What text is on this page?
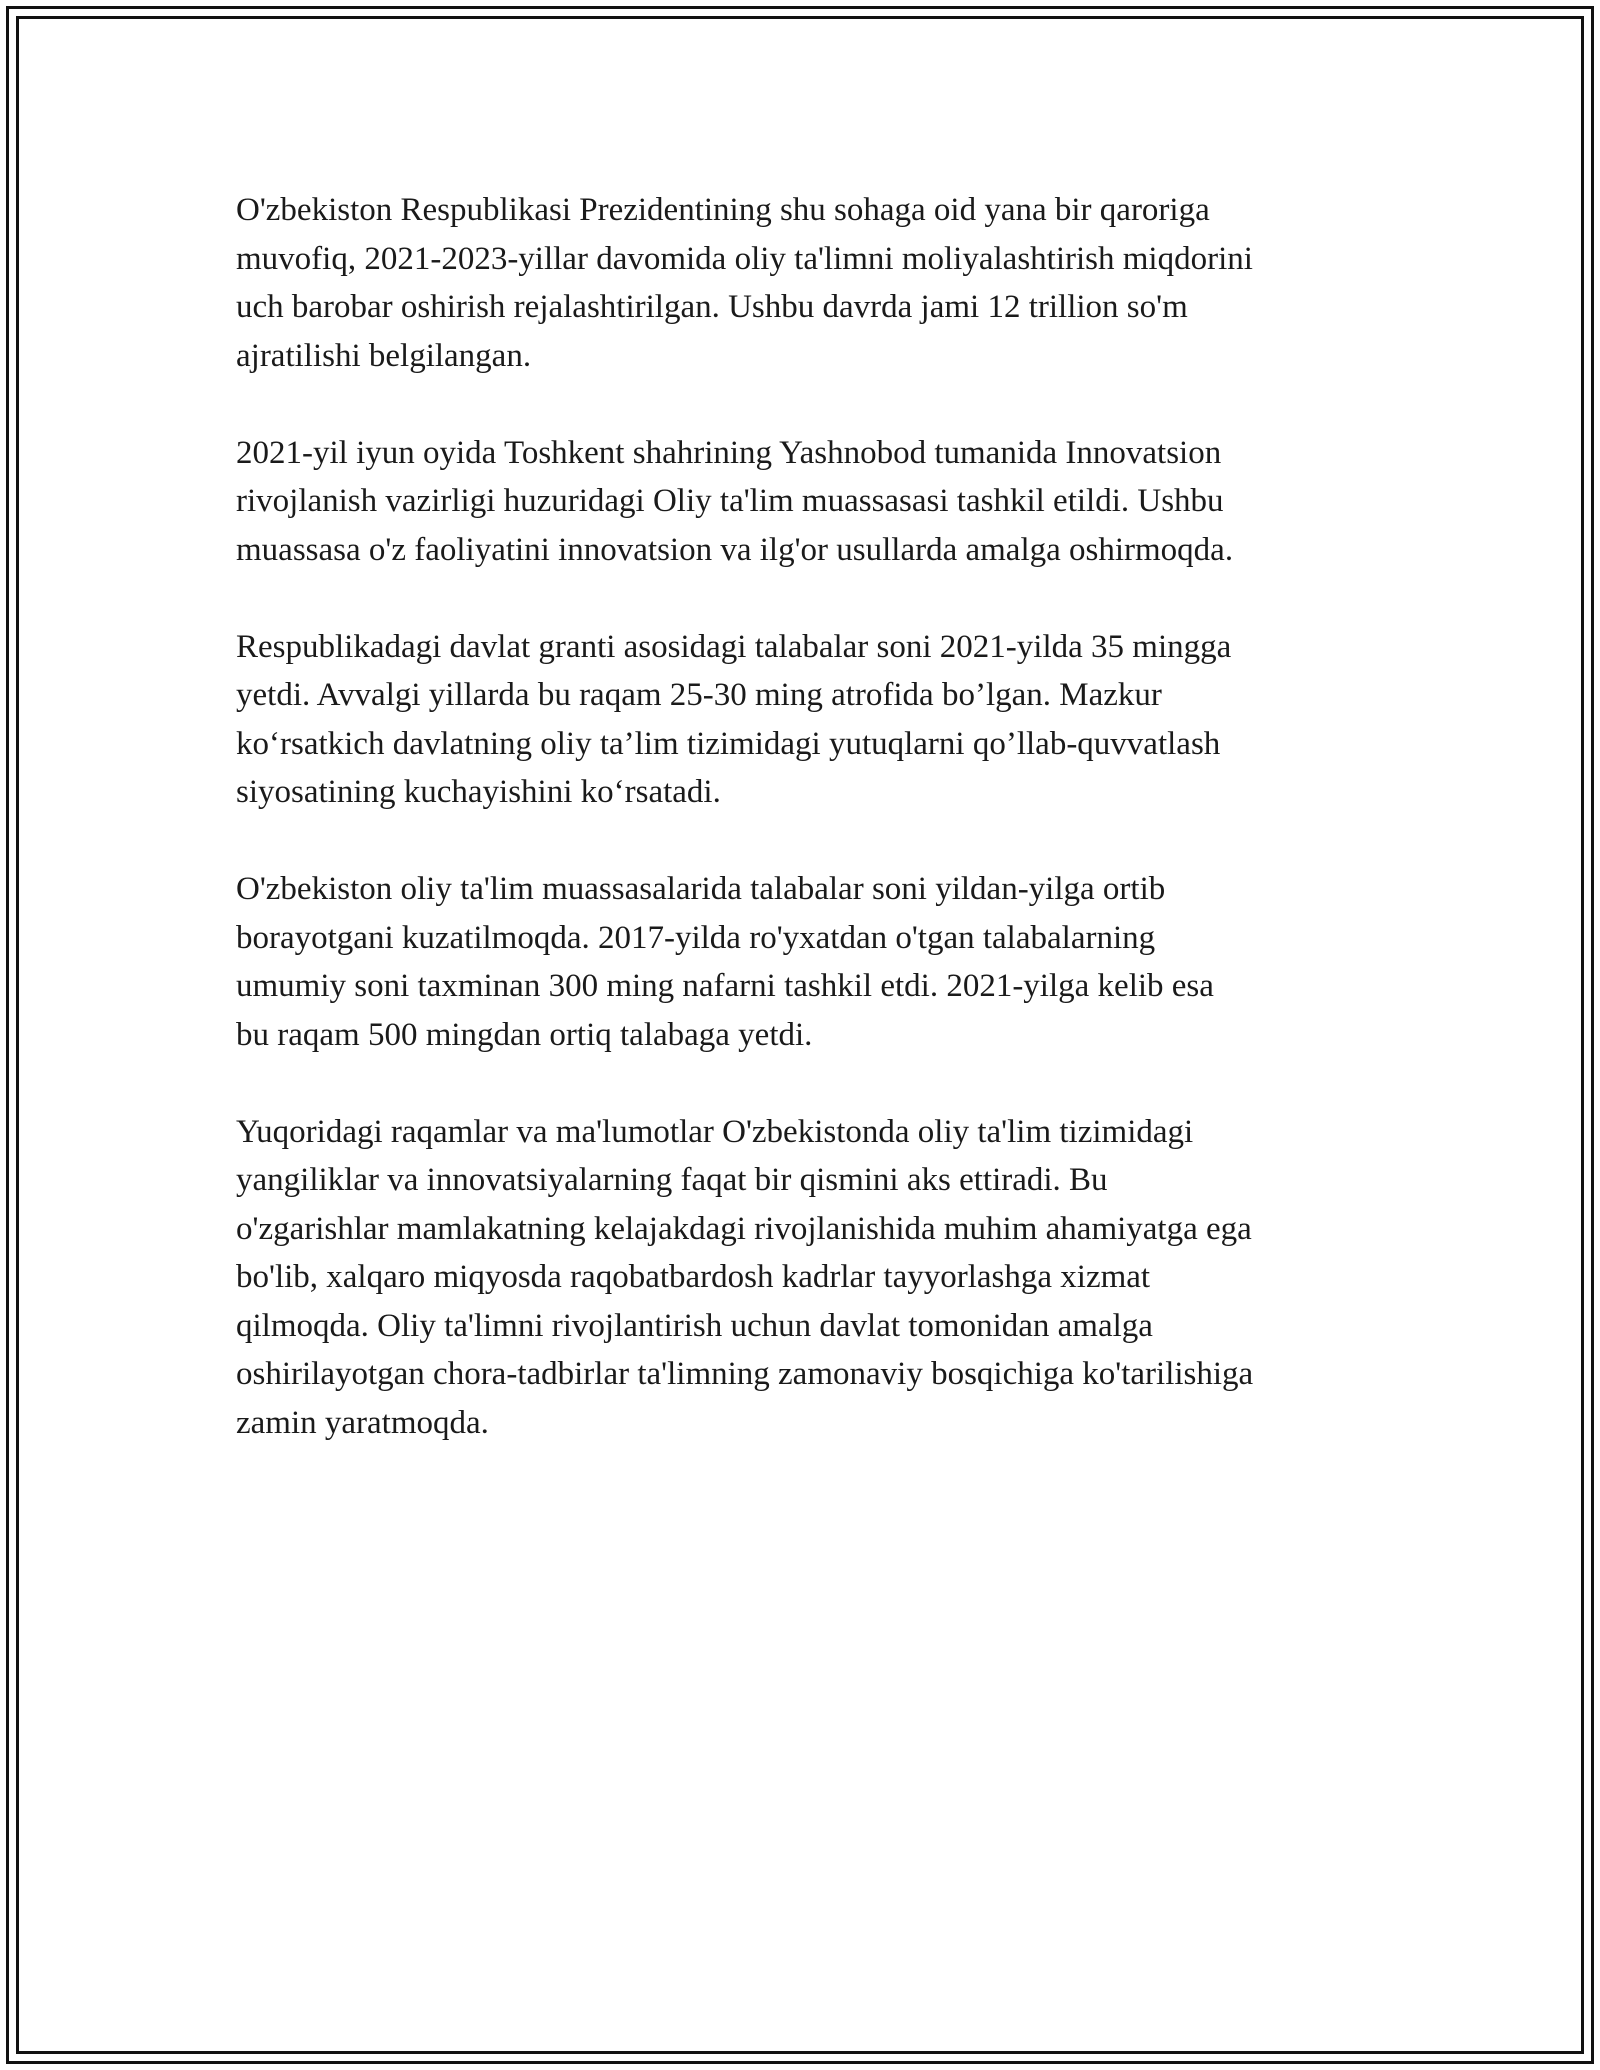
O'zbekiston Respublikasi Prezidentining shu sohaga oid yana bir qaroriga
muvofiq, 2021-2023-yillar davomida oliy ta'limni moliyalashtirish miqdorini
uch barobar oshirish rejalashtirilgan. Ushbu davrda jami 12 trillion so'm
ajratilishi belgilangan.

2021-yil iyun oyida Toshkent shahrining Yashnobod tumanida Innovatsion
rivojlanish vazirligi huzuridagi Oliy ta'lim muassasasi tashkil etildi. Ushbu
muassasa o'z faoliyatini innovatsion va ilg'or usullarda amalga oshirmoqda.

Respublikadagi davlat granti asosidagi talabalar soni 2021-yilda 35 mingga
yetdi. Avvalgi yillarda bu raqam 25-30 ming atrofida bo’lgan. Mazkur
ko‘rsatkich davlatning oliy ta’lim tizimidagi yutuqlarni qo’llab-quvvatlash
siyosatining kuchayishini ko‘rsatadi.

O'zbekiston oliy ta'lim muassasalarida talabalar soni yildan-yilga ortib
borayotgani kuzatilmoqda. 2017-yilda ro'yxatdan o'tgan talabalarning
umumiy soni taxminan 300 ming nafarni tashkil etdi. 2021-yilga kelib esa
bu raqam 500 mingdan ortiq talabaga yetdi.

Yuqoridagi raqamlar va ma'lumotlar O'zbekistonda oliy ta'lim tizimidagi
yangiliklar va innovatsiyalarning faqat bir qismini aks ettiradi. Bu
o'zgarishlar mamlakatning kelajakdagi rivojlanishida muhim ahamiyatga ega
bo'lib, xalqaro miqyosda raqobatbardosh kadrlar tayyorlashga xizmat
qilmoqda. Oliy ta'limni rivojlantirish uchun davlat tomonidan amalga
oshirilayotgan chora-tadbirlar ta'limning zamonaviy bosqichiga ko'tarilishiga
zamin yaratmoqda.
